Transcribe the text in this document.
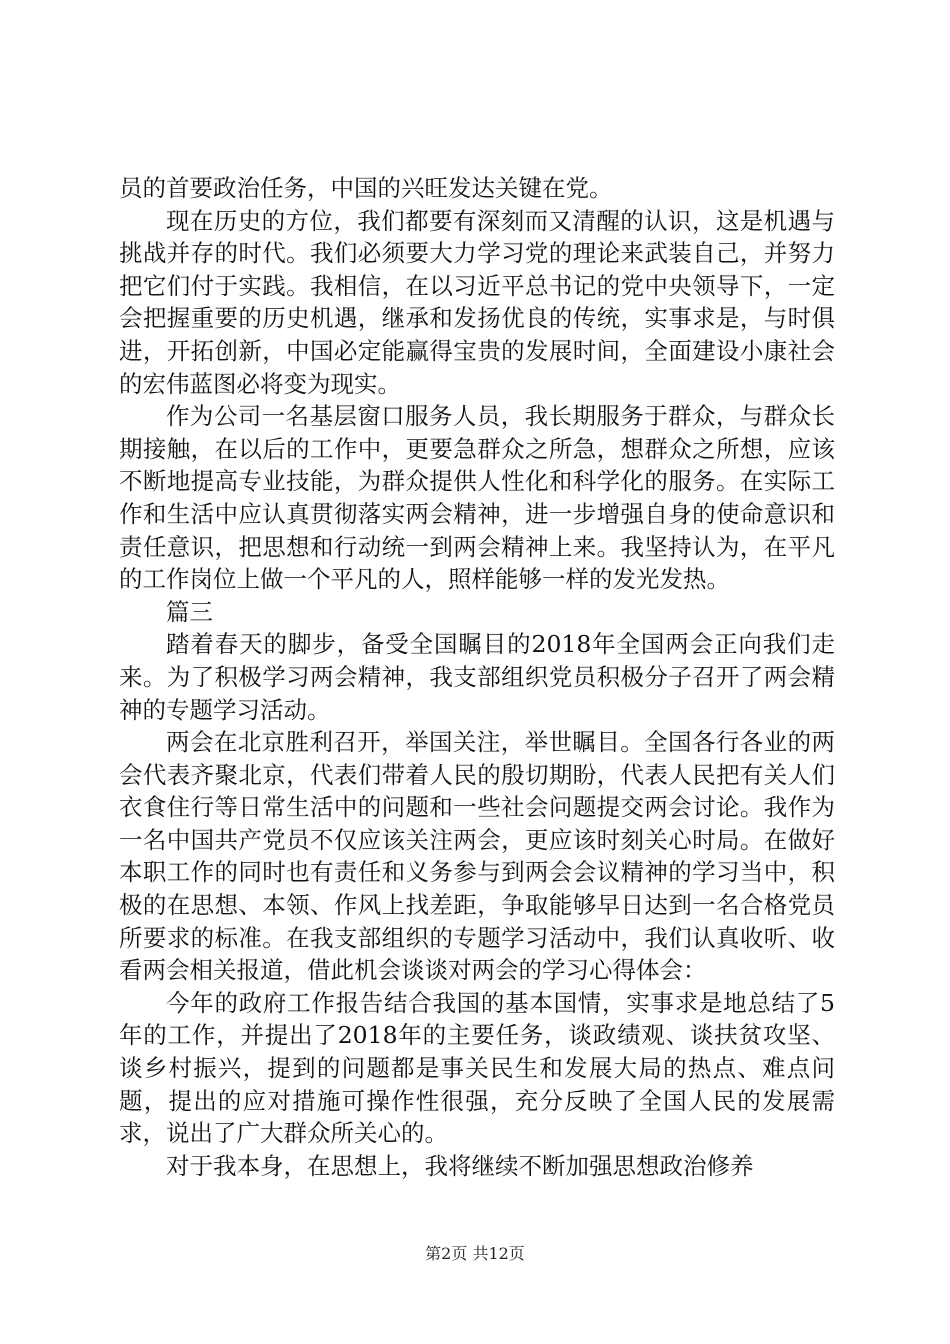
员的首要政治任务，中国的兴旺发达关键在党。

现在历史的方位，我们都要有深刻而又清醒的认识，这是机遇与挑战并存的时代。我们必须要大力学习党的理论来武装自己，并努力把它们付于实践。我相信，在以习近平总书记的党中央领导下，一定会把握重要的历史机遇，继承和发扬优良的传统，实事求是，与时俱进，开拓创新，中国必定能赢得宝贵的发展时间，全面建设小康社会的宏伟蓝图必将变为现实。

作为公司一名基层窗口服务人员，我长期服务于群众，与群众长期接触，在以后的工作中，更要急群众之所急，想群众之所想，应该不断地提高专业技能，为群众提供人性化和科学化的服务。在实际工作和生活中应认真贯彻落实两会精神，进一步增强自身的使命意识和责任意识，把思想和行动统一到两会精神上来。我坚持认为，在平凡的工作岗位上做一个平凡的人，照样能够一样的发光发热。

篇三

踏着春天的脚步，备受全国瞩目的2018年全国两会正向我们走来。为了积极学习两会精神，我支部组织党员积极分子召开了两会精神的专题学习活动。

两会在北京胜利召开，举国关注，举世瞩目。全国各行各业的两会代表齐聚北京，代表们带着人民的殷切期盼，代表人民把有关人们衣食住行等日常生活中的问题和一些社会问题提交两会讨论。我作为一名中国共产党员不仅应该关注两会，更应该时刻关心时局。在做好本职工作的同时也有责任和义务参与到两会会议精神的学习当中，积极的在思想、本领、作风上找差距，争取能够早日达到一名合格党员所要求的标准。在我支部组织的专题学习活动中，我们认真收听、收看两会相关报道，借此机会谈谈对两会的学习心得体会：

今年的政府工作报告结合我国的基本国情，实事求是地总结了5年的工作，并提出了2018年的主要任务，谈政绩观、谈扶贫攻坚、谈乡村振兴，提到的问题都是事关民生和发展大局的热点、难点问题，提出的应对措施可操作性很强，充分反映了全国人民的发展需求，说出了广大群众所关心的。

对于我本身，在思想上，我将继续不断加强思想政治修养

第2页 共12页
